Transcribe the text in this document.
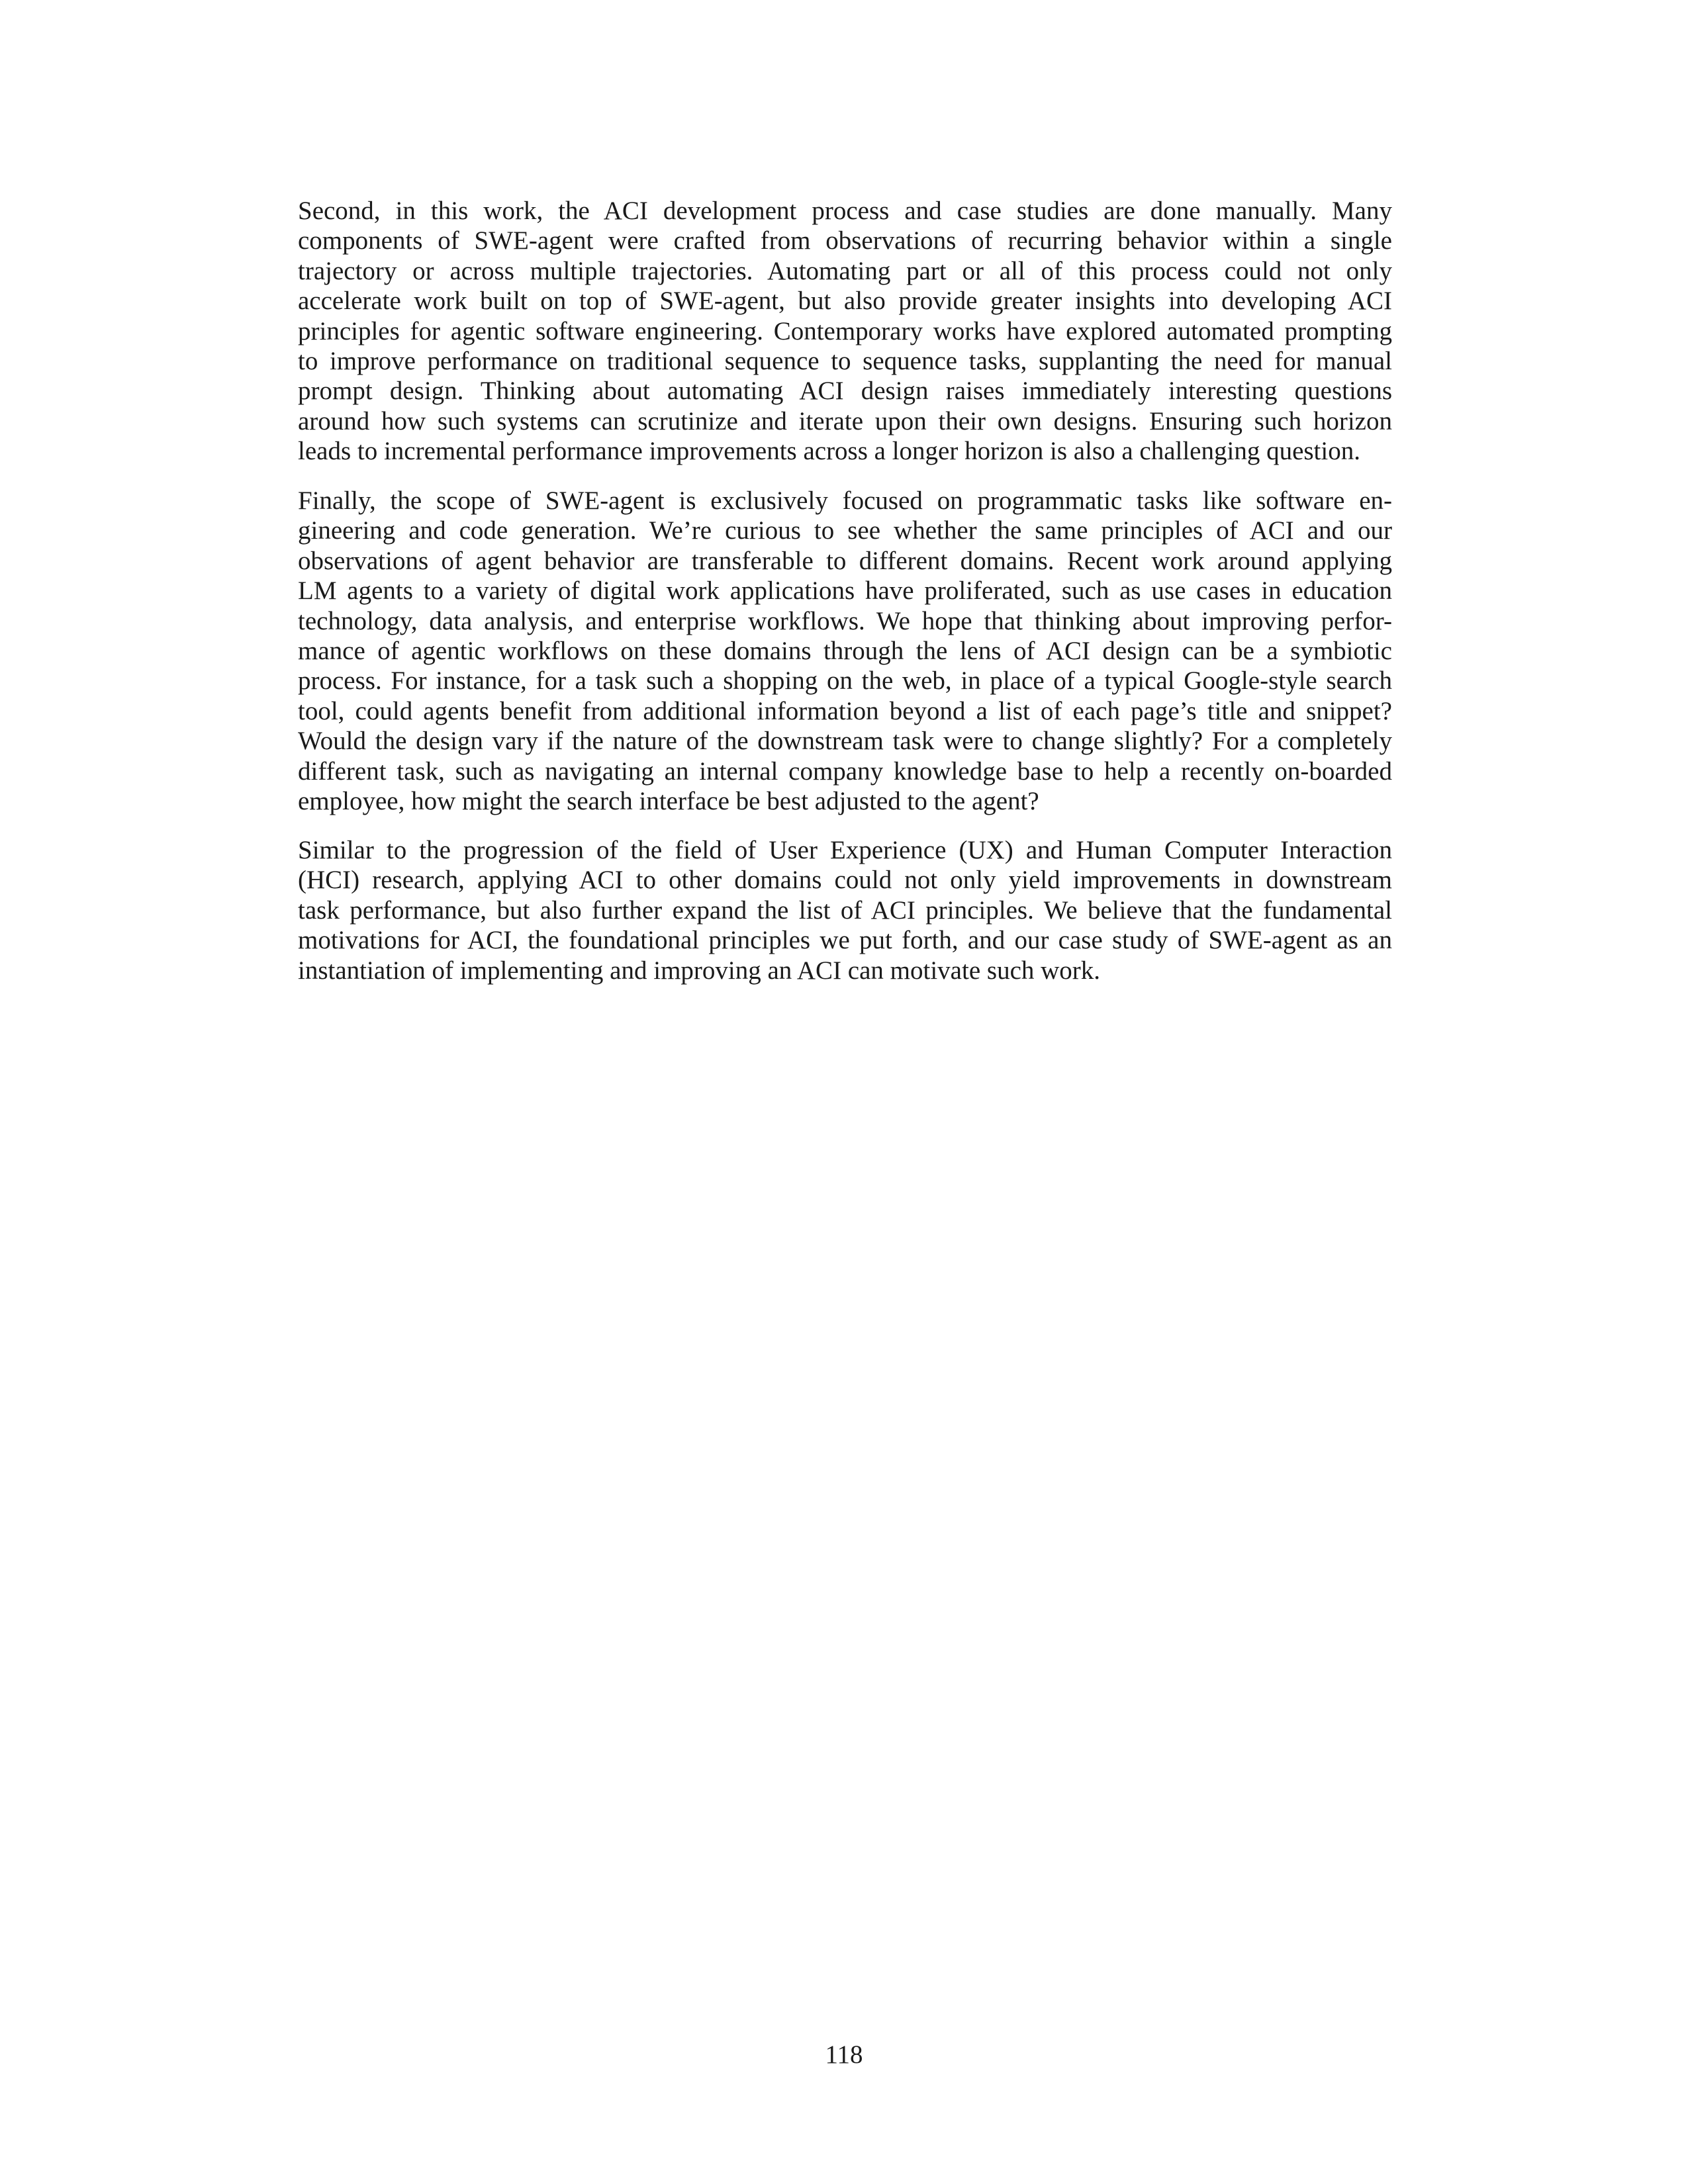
Second, in this work, the ACI development process and case studies are done manually. Many
components of SWE-agent were crafted from observations of recurring behavior within a single
trajectory or across multiple trajectories. Automating part or all of this process could not only
accelerate work built on top of SWE-agent, but also provide greater insights into developing ACI
principles for agentic software engineering. Contemporary works have explored automated prompting
to improve performance on traditional sequence to sequence tasks, supplanting the need for manual
prompt design. Thinking about automating ACI design raises immediately interesting questions
around how such systems can scrutinize and iterate upon their own designs. Ensuring such horizon
leads to incremental performance improvements across a longer horizon is also a challenging question.

Finally, the scope of SWE-agent is exclusively focused on programmatic tasks like software en-
gineering and code generation. We’re curious to see whether the same principles of ACI and our
observations of agent behavior are transferable to different domains. Recent work around applying
LM agents to a variety of digital work applications have proliferated, such as use cases in education
technology, data analysis, and enterprise workflows. We hope that thinking about improving perfor-
mance of agentic workflows on these domains through the lens of ACI design can be a symbiotic
process. For instance, for a task such a shopping on the web, in place of a typical Google-style search
tool, could agents benefit from additional information beyond a list of each page’s title and snippet?
Would the design vary if the nature of the downstream task were to change slightly? For a completely
different task, such as navigating an internal company knowledge base to help a recently on-boarded
employee, how might the search interface be best adjusted to the agent?

Similar to the progression of the field of User Experience (UX) and Human Computer Interaction
(HCI) research, applying ACI to other domains could not only yield improvements in downstream
task performance, but also further expand the list of ACI principles. We believe that the fundamental
motivations for ACI, the foundational principles we put forth, and our case study of SWE-agent as an
instantiation of implementing and improving an ACI can motivate such work.

118
